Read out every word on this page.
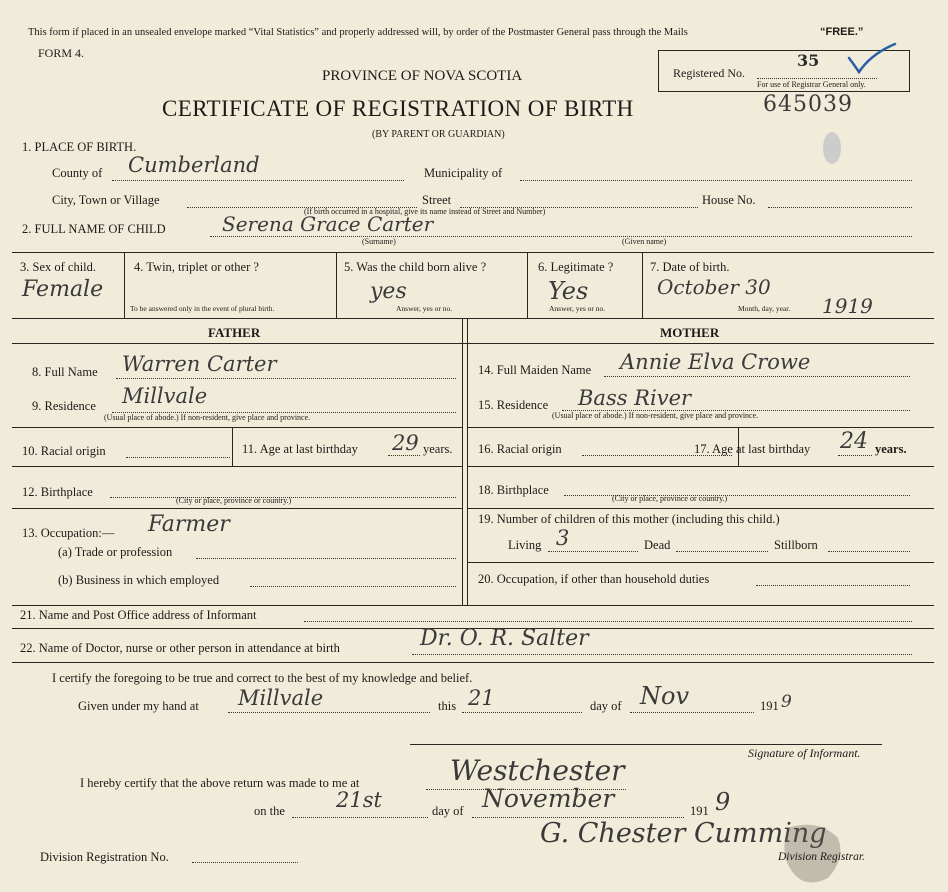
This form if placed in an unsealed envelope marked “Vital Statistics” and properly addressed will, by order of the Postmaster General pass through the Mails	“FREE.”
FORM 4.
PROVINCE OF NOVA SCOTIA
CERTIFICATE OF REGISTRATION OF BIRTH
(BY PARENT OR GUARDIAN)
Registered No.
35
For use of Registrar General only.
645039
1. PLACE OF BIRTH.
County of Cumberland	Municipality of
City, Town or Village	Street	House No.
(If birth occurred in a hospital, give its name instead of Street and Number)
2. FULL NAME OF CHILD	Serena Grace Carter
(Surname)	(Given name)
3. Sex of child.
Female
4. Twin, triplet or other ?
To be answered only in the event of plural birth.
5. Was the child born alive ?
yes
Answer, yes or no.
6. Legitimate ?
Yes
Answer, yes or no.
7. Date of birth.
October 30
Month, day, year. 1919
FATHER	MOTHER
8. Full Name Warren Carter
9. Residence Millvale
(Usual place of abode.) If non-resident, give place and province.
10. Racial origin	11. Age at last birthday 29 years.
12. Birthplace
(City or place, province or country.)
13. Occupation:— Farmer
(a) Trade or profession
(b) Business in which employed
14. Full Maiden Name Annie Elva Crowe
15. Residence Bass River
(Usual place of abode.) If non-resident, give place and province.
16. Racial origin	17. Age at last birthday 24 years.
18. Birthplace
(City or place, province or country.)
19. Number of children of this mother (including this child.)
Living 3	Dead	Stillborn
20. Occupation, if other than household duties
21. Name and Post Office address of Informant
22. Name of Doctor, nurse or other person in attendance at birth	Dr. O. R. Salter
I certify the foregoing to be true and correct to the best of my knowledge and belief.
Given under my hand at Millvale	this 21	day of Nov	191 9
Signature of Informant.
I hereby certify that the above return was made to me at	Westchester
on the 21st	day of November	191 9
G. Chester Cumming
Division Registration No.	Division Registrar.
